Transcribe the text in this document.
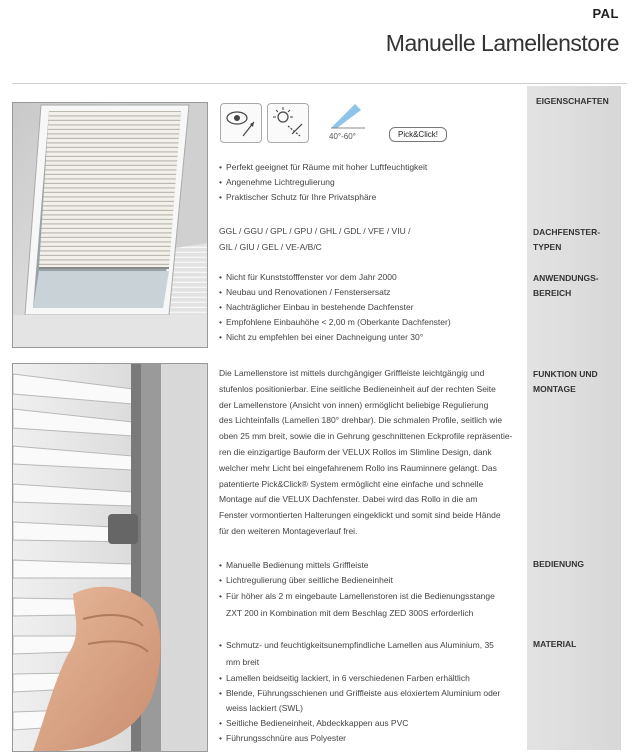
PAL
Manuelle Lamellenstore
40°-60°	Pick&Click!
EIGENSCHAFTEN
DACHFENSTER-TYPEN
ANWENDUNGS-BEREICH
FUNKTION UND MONTAGE
BEDIENUNG
MATERIAL
• Perfekt geeignet für Räume mit hoher Luftfeuchtigkeit
• Angenehme Lichtregulierung
• Praktischer Schutz für Ihre Privatsphäre
GGL / GGU / GPL / GPU / GHL / GDL / VFE / VIU /
GIL / GIU / GEL / VE-A/B/C
• Nicht für Kunststofffenster vor dem Jahr 2000
• Neubau und Renovationen / Fenstersersatz
• Nachträglicher Einbau in bestehende Dachfenster
• Empfohlene Einbauhöhe < 2,00 m (Oberkante Dachfenster)
• Nicht zu empfehlen bei einer Dachneigung unter 30°
Die Lamellenstore ist mittels durchgängiger Griffleiste leichtgängig und
stufenlos positionierbar. Eine seitliche Bedieneinheit auf der rechten Seite
der Lamellenstore (Ansicht von innen) ermöglicht beliebige Regulierung
des Lichteinfalls (Lamellen 180° drehbar). Die schmalen Profile, seitlich wie
oben 25 mm breit, sowie die in Gehrung geschnittenen Eckprofile repräsentie-
ren die einzigartige Bauform der VELUX Rollos im Slimline Design, dank
welcher mehr Licht bei eingefahrenem Rollo ins Rauminnere gelangt. Das
patentierte Pick&Click® System ermöglicht eine einfache und schnelle
Montage auf die VELUX Dachfenster. Dabei wird das Rollo in die am
Fenster vormontierten Halterungen eingeklickt und somit sind beide Hände
für den weiteren Montageverlauf frei.
• Manuelle Bedienung mittels Griffleiste
• Lichtregulierung über seitliche Bedieneinheit
• Für höher als 2 m eingebaute Lamellenstoren ist die Bedienungsstange ZXT 200 in Kombination mit dem Beschlag ZED 300S erforderlich
• Schmutz- und feuchtigkeitsunempfindliche Lamellen aus Aluminium, 35 mm breit
• Lamellen beidseitig lackiert, in 6 verschiedenen Farben erhältlich
• Blende, Führungsschienen und Griffleiste aus eloxiertem Aluminium oder weiss lackiert (SWL)
• Seitliche Bedieneinheit, Abdeckkappen aus PVC
• Führungsschnüre aus Polyester
